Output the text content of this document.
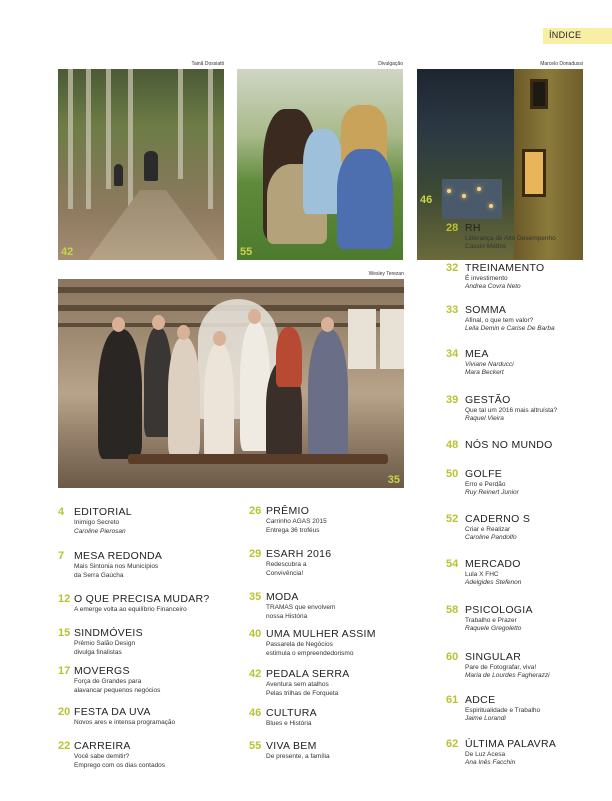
ÍNDICE
Tainã Dossiatti	Divulgação	Marcelo Donadussi
Wesley Terezan
42	55
46
35
4 EDITORIAL
Inimigo Secreto
Caroline Pierosan
7 MESA REDONDA
Mais Sintonia nos Municípios
da Serra Gaúcha
12 O QUE PRECISA MUDAR?
A emerge volta ao equilíbrio Financeiro
15 SINDMÓVEIS
Prêmio Salão Design
divulga finalistas
17 MOVERGS
Força de Grandes para
alavancar pequenos negócios
20 FESTA DA UVA
Novos ares e intensa programação
22 CARREIRA
Você sabe demitir?
Emprego com os dias contados
26 PRÊMIO
Carrinho AGAS 2015
Entrega 36 troféus
29 ESARH 2016
Redescubra a
Convivência!
35 MODA
TRAMAS que envolvem
nossa História
40 UMA MULHER ASSIM
Passarela de Negócios
estimula o empreendedorismo
42 PEDALA SERRA
Aventura sem atalhos
Pelas trilhas de Forqueta
46 CULTURA
Blues e História
55 VIVA BEM
De presente, a família
28 RH
Liderança de Alto Desempenho
Cassio Mattos
32 TREINAMENTO
É investimento
Andrea Covra Neto
33 SOMMA
Afinal, o que tem valor?
Leila Demin e Carise De Barba
34 MEA
Viviane Narducci
Mara Beckert
39 GESTÃO
Que tal um 2016 mais altruísta?
Raquel Vieira
48 NÓS NO MUNDO
50 GOLFE
Erro e Perdão
Ruy Reinert Junior
52 CADERNO S
Criar e Realizar
Caroline Pandolfo
54 MERCADO
Lula X FHC
Adelgides Stefenon
58 PSICOLOGIA
Trabalho e Prazer
Raquele Gregoletto
60 SINGULAR
Pare de Fotografar, viva!
Maria de Lourdes Fagherazzi
61 ADCE
Espiritualidade e Trabalho
Jaime Lorandi
62 ÚLTIMA PALAVRA
De Luz Acesa
Ana Inês Facchin
